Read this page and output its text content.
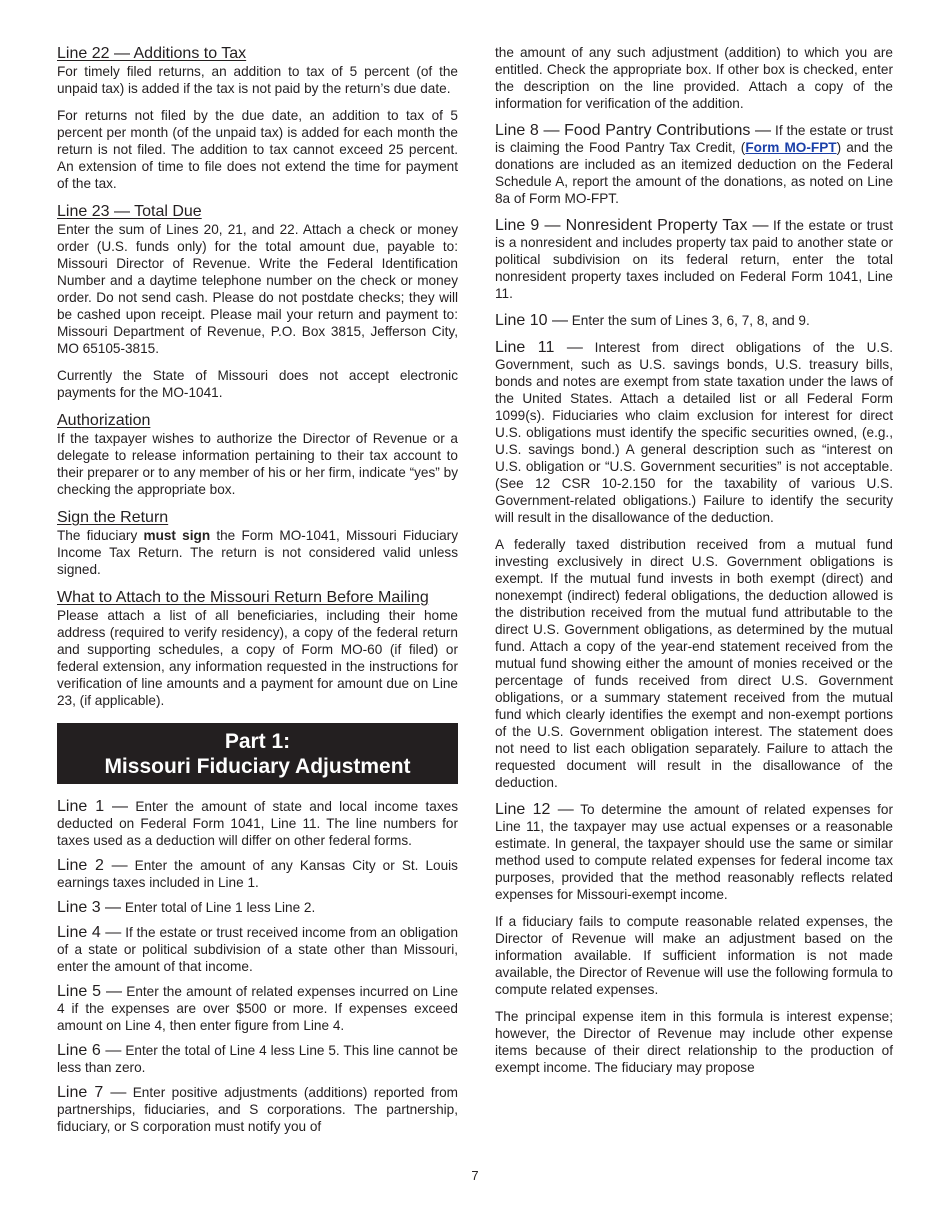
Line 22 — Additions to Tax

For timely filed returns, an addition to tax of 5 percent (of the unpaid tax) is added if the tax is not paid by the return’s due date.

For returns not filed by the due date, an addition to tax of 5 percent per month (of the unpaid tax) is added for each month the return is not filed. The addition to tax cannot exceed 25 percent. An extension of time to file does not extend the time for payment of the tax.

Line 23 — Total Due

Enter the sum of Lines 20, 21, and 22. Attach a check or money order (U.S. funds only) for the total amount due, payable to: Missouri Director of Revenue. Write the Federal Identification Number and a daytime telephone number on the check or money order. Do not send cash. Please do not postdate checks; they will be cashed upon receipt. Please mail your return and payment to: Missouri Department of Revenue, P.O. Box 3815, Jefferson City, MO 65105-3815.

Currently the State of Missouri does not accept electronic payments for the MO-1041.

Authorization

If the taxpayer wishes to authorize the Director of Revenue or a delegate to release information pertaining to their tax account to their preparer or to any member of his or her firm, indicate “yes” by checking the appropriate box.

Sign the Return

The fiduciary must sign the Form MO-1041, Missouri Fiduciary Income Tax Return. The return is not considered valid unless signed.

What to Attach to the Missouri Return Before Mailing

Please attach a list of all beneficiaries, including their home address (required to verify residency), a copy of the federal return and supporting schedules, a copy of Form MO-60 (if filed) or federal extension, any information requested in the instructions for verification of line amounts and a payment for amount due on Line 23, (if applicable).

Part 1:
Missouri Fiduciary Adjustment

Line 1 — Enter the amount of state and local income taxes deducted on Federal Form 1041, Line 11. The line numbers for taxes used as a deduction will differ on other federal forms.

Line 2 — Enter the amount of any Kansas City or St. Louis earnings taxes included in Line 1.

Line 3 — Enter total of Line 1 less Line 2.

Line 4 — If the estate or trust received income from an obligation of a state or political subdivision of a state other than Missouri, enter the amount of that income.

Line 5 — Enter the amount of related expenses incurred on Line 4 if the expenses are over $500 or more. If expenses exceed amount on Line 4, then enter figure from Line 4.

Line 6 — Enter the total of Line 4 less Line 5. This line cannot be less than zero.

Line 7 — Enter positive adjustments (additions) reported from partnerships, fiduciaries, and S corporations. The partnership, fiduciary, or S corporation must notify you of

the amount of any such adjustment (addition) to which you are entitled. Check the appropriate box. If other box is checked, enter the description on the line provided. Attach a copy of the information for verification of the addition.

Line 8 — Food Pantry Contributions — If the estate or trust is claiming the Food Pantry Tax Credit, (Form MO-FPT) and the donations are included as an itemized deduction on the Federal Schedule A, report the amount of the donations, as noted on Line 8a of Form MO-FPT.

Line 9 — Nonresident Property Tax — If the estate or trust is a nonresident and includes property tax paid to another state or political subdivision on its federal return, enter the total nonresident property taxes included on Federal Form 1041, Line 11.

Line 10 — Enter the sum of Lines 3, 6, 7, 8, and 9.

Line 11 — Interest from direct obligations of the U.S. Government, such as U.S. savings bonds, U.S. treasury bills, bonds and notes are exempt from state taxation under the laws of the United States. Attach a detailed list or all Federal Form 1099(s). Fiduciaries who claim exclusion for interest for direct U.S. obligations must identify the specific securities owned, (e.g., U.S. savings bond.) A general description such as “interest on U.S. obligation or “U.S. Government securities” is not acceptable. (See 12 CSR 10-2.150 for the taxability of various U.S. Government-related obligations.) Failure to identify the security will result in the disallowance of the deduction.

A federally taxed distribution received from a mutual fund investing exclusively in direct U.S. Government obligations is exempt. If the mutual fund invests in both exempt (direct) and nonexempt (indirect) federal obligations, the deduction allowed is the distribution received from the mutual fund attributable to the direct U.S. Government obligations, as determined by the mutual fund. Attach a copy of the year-end statement received from the mutual fund showing either the amount of monies received or the percentage of funds received from direct U.S. Government obligations, or a summary statement received from the mutual fund which clearly identifies the exempt and non-exempt portions of the U.S. Government obligation interest. The statement does not need to list each obligation separately. Failure to attach the requested document will result in the disallowance of the deduction.

Line 12 — To determine the amount of related expenses for Line 11, the taxpayer may use actual expenses or a reasonable estimate. In general, the taxpayer should use the same or similar method used to compute related expenses for federal income tax purposes, provided that the method reasonably reflects related expenses for Missouri-exempt income.

If a fiduciary fails to compute reasonable related expenses, the Director of Revenue will make an adjustment based on the information available. If sufficient information is not made available, the Director of Revenue will use the following formula to compute related expenses.

The principal expense item in this formula is interest expense; however, the Director of Revenue may include other expense items because of their direct relationship to the production of exempt income. The fiduciary may propose

7
